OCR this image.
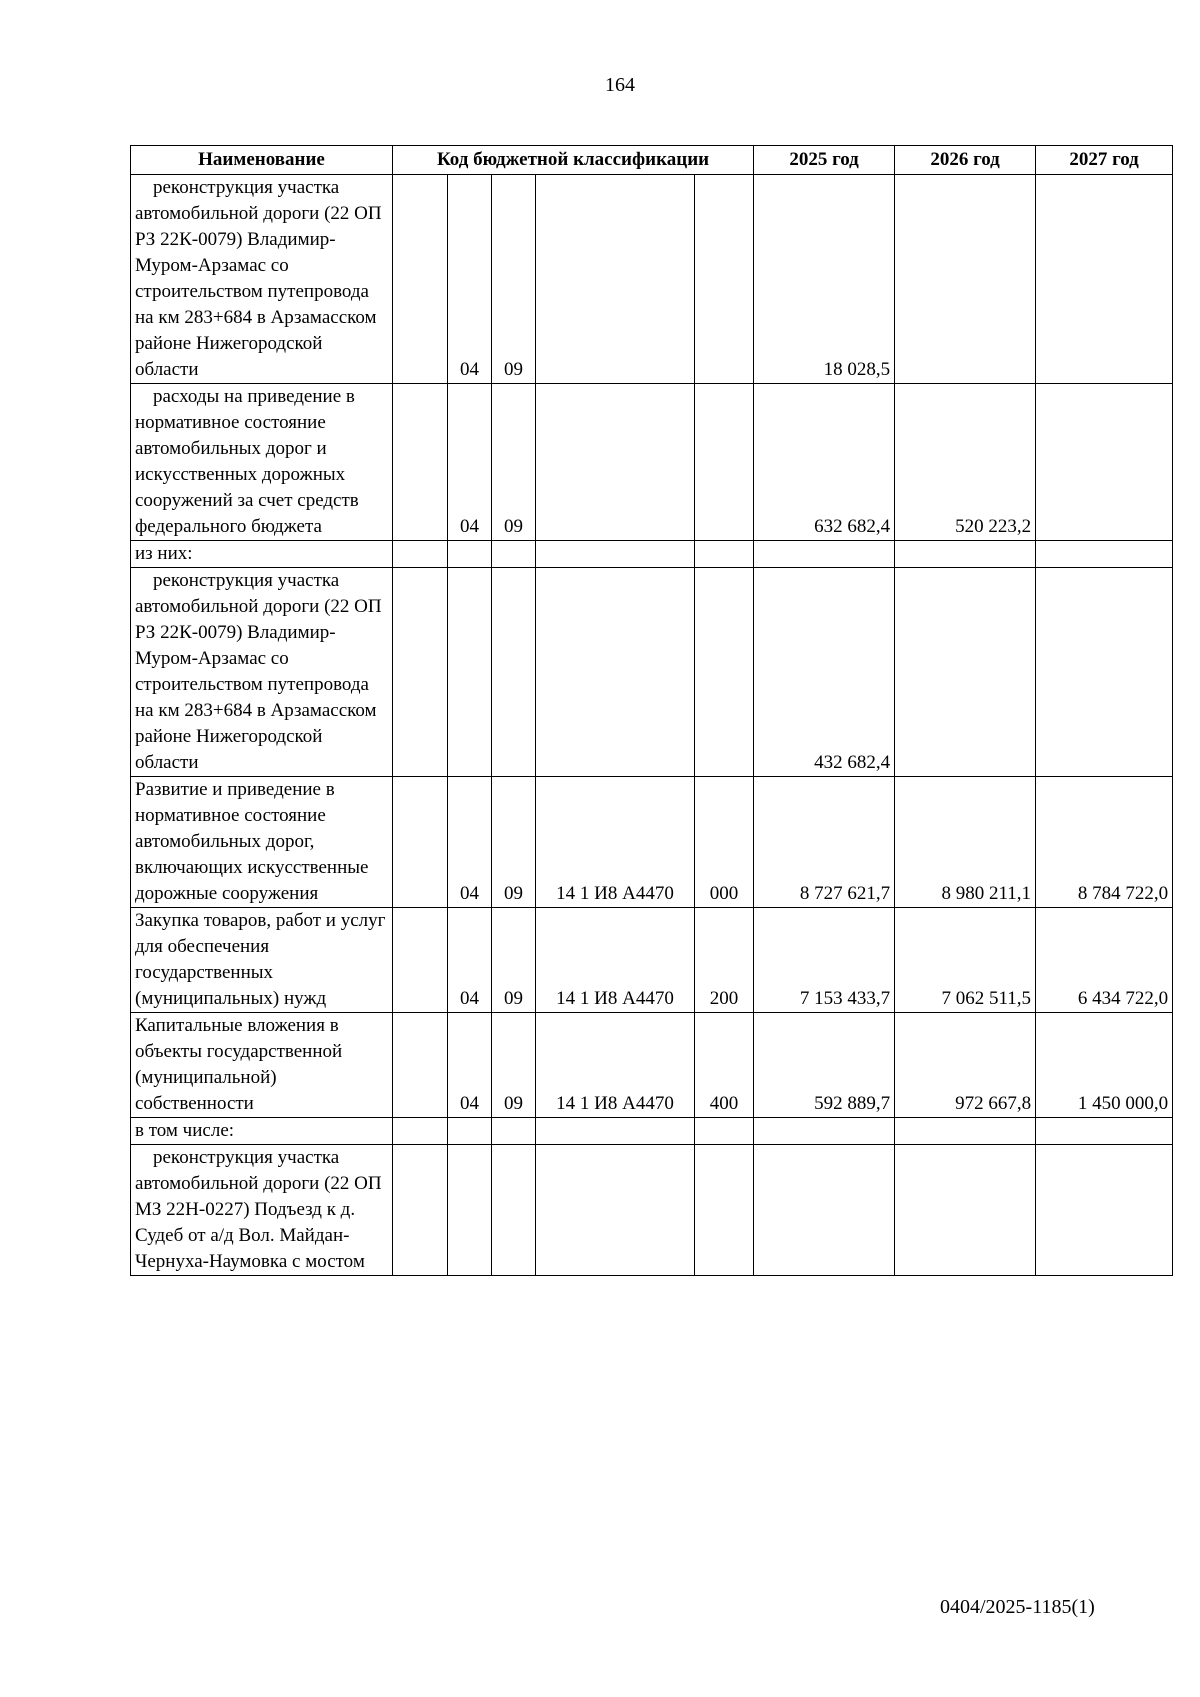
164
Наименование	Код бюджетной классификации					2025 год	2026 год	2027 год
реконструкция участка автомобильной дороги (22 ОП РЗ 22К-0079) Владимир-Муром-Арзамас со строительством путепровода на км 283+684 в Арзамасском районе Нижегородской области		04	09			18 028,5		
расходы на приведение в нормативное состояние автомобильных дорог и искусственных дорожных сооружений за счет средств федерального бюджета		04	09			632 682,4	520 223,2	
из них:								
реконструкция участка автомобильной дороги (22 ОП РЗ 22К-0079) Владимир-Муром-Арзамас со строительством путепровода на км 283+684 в Арзамасском районе Нижегородской области						432 682,4		
Развитие и приведение в нормативное состояние автомобильных дорог, включающих искусственные дорожные сооружения		04	09	14 1 И8 А4470	000	8 727 621,7	8 980 211,1	8 784 722,0
Закупка товаров, работ и услуг для обеспечения государственных (муниципальных) нужд		04	09	14 1 И8 А4470	200	7 153 433,7	7 062 511,5	6 434 722,0
Капитальные вложения в объекты государственной (муниципальной) собственности		04	09	14 1 И8 А4470	400	592 889,7	972 667,8	1 450 000,0
в том числе:								
реконструкция участка автомобильной дороги (22 ОП МЗ 22Н-0227) Подъезд к д. Судеб от а/д Вол. Майдан-Чернуха-Наумовка с мостом								
0404/2025-1185(1)
